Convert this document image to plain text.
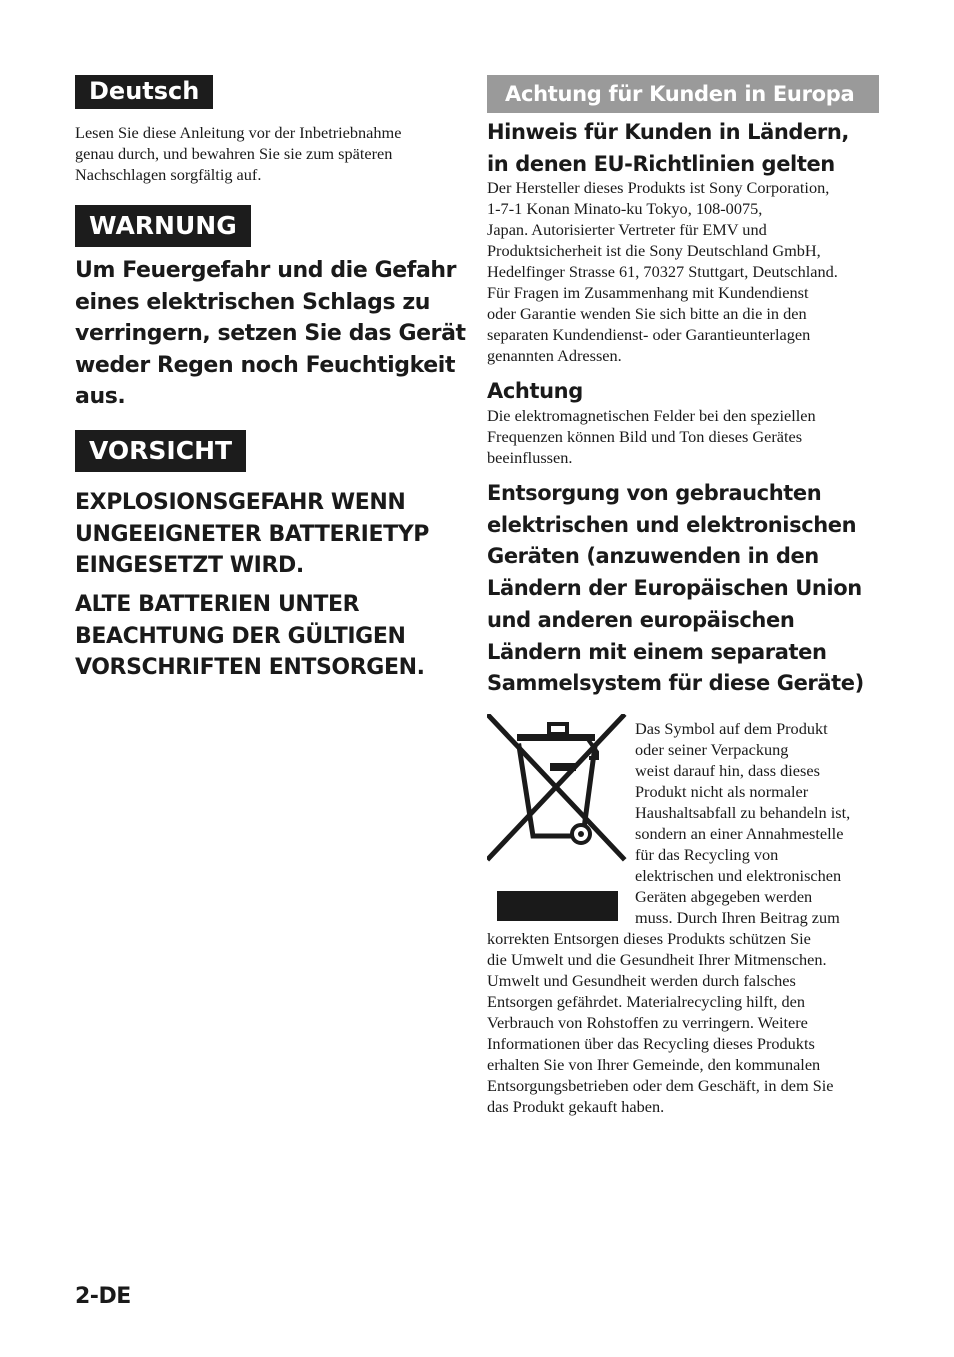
Deutsch

Lesen Sie diese Anleitung vor der Inbetriebnahme
genau durch, und bewahren Sie sie zum späteren
Nachschlagen sorgfältig auf.

WARNUNG

Um Feuergefahr und die Gefahr
eines elektrischen Schlags zu
verringern, setzen Sie das Gerät
weder Regen noch Feuchtigkeit
aus.

VORSICHT

EXPLOSIONSGEFAHR WENN
UNGEEIGNETER BATTERIETYP
EINGESETZT WIRD.

ALTE BATTERIEN UNTER
BEACHTUNG DER GÜLTIGEN
VORSCHRIFTEN ENTSORGEN.

Achtung für Kunden in Europa

Hinweis für Kunden in Ländern,
in denen EU-Richtlinien gelten

Der Hersteller dieses Produkts ist Sony Corporation,
1-7-1 Konan Minato-ku Tokyo, 108-0075,
Japan. Autorisierter Vertreter für EMV und
Produktsicherheit ist die Sony Deutschland GmbH,
Hedelfinger Strasse 61, 70327 Stuttgart, Deutschland.
Für Fragen im Zusammenhang mit Kundendienst
oder Garantie wenden Sie sich bitte an die in den
separaten Kundendienst- oder Garantieunterlagen
genannten Adressen.

Achtung

Die elektromagnetischen Felder bei den speziellen
Frequenzen können Bild und Ton dieses Gerätes
beeinflussen.

Entsorgung von gebrauchten
elektrischen und elektronischen
Geräten (anzuwenden in den
Ländern der Europäischen Union
und anderen europäischen
Ländern mit einem separaten
Sammelsystem für diese Geräte)

Das Symbol auf dem Produkt
oder seiner Verpackung
weist darauf hin, dass dieses
Produkt nicht als normaler
Haushaltsabfall zu behandeln ist,
sondern an einer Annahmestelle
für das Recycling von
elektrischen und elektronischen
Geräten abgegeben werden
muss. Durch Ihren Beitrag zum

korrekten Entsorgen dieses Produkts schützen Sie
die Umwelt und die Gesundheit Ihrer Mitmenschen.
Umwelt und Gesundheit werden durch falsches
Entsorgen gefährdet. Materialrecycling hilft, den
Verbrauch von Rohstoffen zu verringern. Weitere
Informationen über das Recycling dieses Produkts
erhalten Sie von Ihrer Gemeinde, den kommunalen
Entsorgungsbetrieben oder dem Geschäft, in dem Sie
das Produkt gekauft haben.

2-DE
